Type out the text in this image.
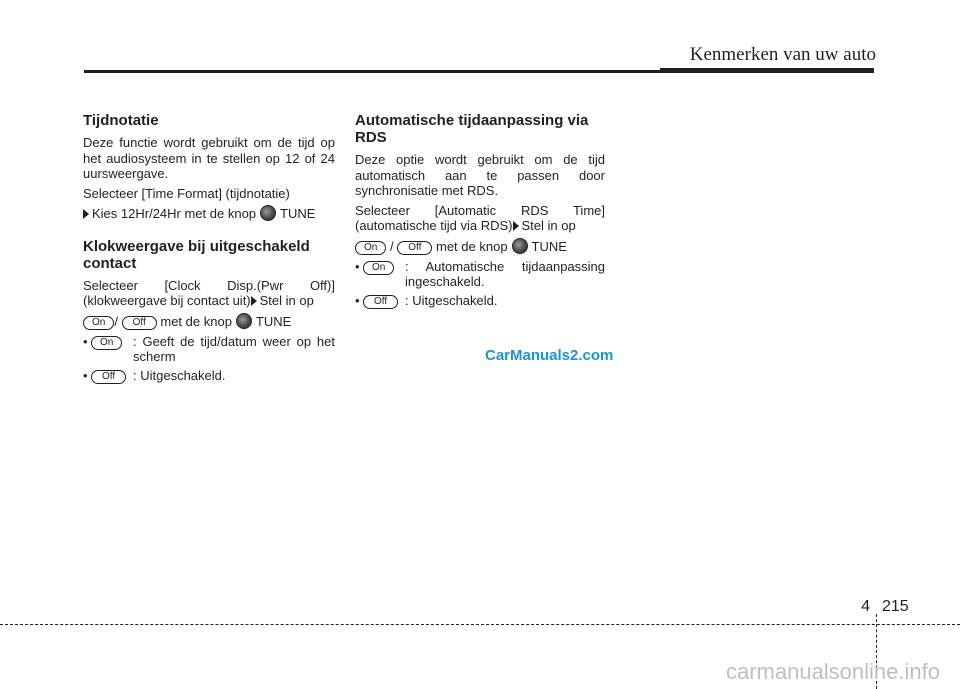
Kenmerken van uw auto
Tijdnotatie

Deze functie wordt gebruikt om de tijd op het audiosysteem in te stellen op 12 of 24 uursweergave.

Selecteer [Time Format] (tijdnotatie)

Kies 12Hr/24Hr met de knop TUNE

Klokweergave bij uitgeschakeld contact

Selecteer [Clock Disp.(Pwr Off)] (klokweergave bij contact uit) Stel in op

On / Off met de knop TUNE

•	On	: Geeft de tijd/datum weer op het scherm
•	Off	: Uitgeschakeld.
Automatische tijdaanpassing via RDS

Deze optie wordt gebruikt om de tijd automatisch aan te passen door synchronisatie met RDS.

Selecteer [Automatic RDS Time] (automatische tijd via RDS) Stel in op

On / Off met de knop TUNE

•	On	: Automatische tijdaanpassing ingeschakeld.
•	Off	: Uitgeschakeld.
CarManuals2.com
4 215
carmanualsonline.info
